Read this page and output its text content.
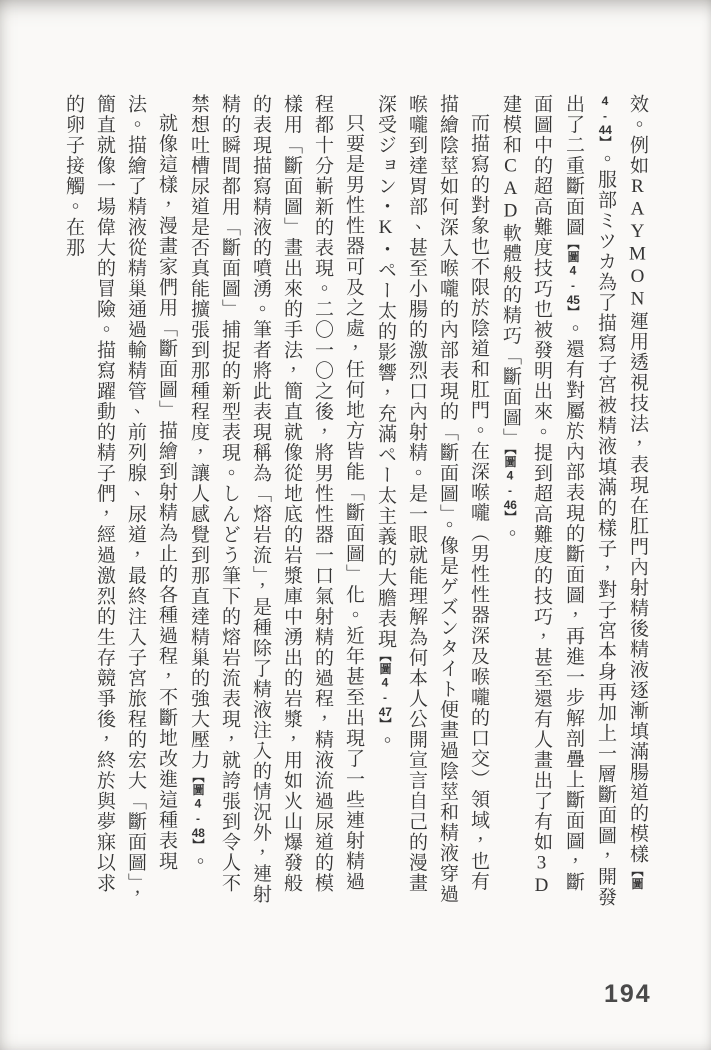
效。例如RAYMON運用透視技法，表現在肛門內射精後精液逐漸填滿腸道的模樣【圖4-44】。服部ミツカ為了描寫子宮被精液填滿的樣子，對子宮本身再加上一層斷面圖，開發出了二重斷面圖【圖4-45】。還有對屬於內部表現的斷面圖，再進一步解剖疊上斷面圖，斷面圖中的超高難度技巧也被發明出來。提到超高難度的技巧，甚至還有人畫出了有如3D建模和CAD軟體般的精巧「斷面圖」【圖4-46】。

而描寫的對象也不限於陰道和肛門。在深喉嚨（男性性器深及喉嚨的口交）領域，也有描繪陰莖如何深入喉嚨的內部表現的「斷面圖」。像是ゲズンタイト便畫過陰莖和精液穿過喉嚨到達胃部、甚至小腸的激烈口內射精。是一眼就能理解為何本人公開宣言自己的漫畫深受ジョン・K・ペー太的影響，充滿ペー太主義的大膽表現【圖4-47】。

只要是男性性器可及之處，任何地方皆能「斷面圖」化。近年甚至出現了一些連射精過程都十分嶄新的表現。二〇一〇之後，將男性性器一口氣射精的過程，精液流過尿道的模樣用「斷面圖」畫出來的手法，簡直就像從地底的岩漿庫中湧出的岩漿，用如火山爆發般的表現描寫精液的噴湧。筆者將此表現稱為「熔岩流」，是種除了精液注入的情況外，連射精的瞬間都用「斷面圖」捕捉的新型表現。しんどう筆下的熔岩流表現，就誇張到令人不禁想吐槽尿道是否真能擴張到那種程度，讓人感覺到那直達精巢的強大壓力【圖4-48】。

就像這樣，漫畫家們用「斷面圖」描繪到射精為止的各種過程，不斷地改進這種表現法。描繪了精液從精巢通過輸精管、前列腺、尿道，最終注入子宮旅程的宏大「斷面圖」，簡直就像一場偉大的冒險。描寫躍動的精子們，經過激烈的生存競爭後，終於與夢寐以求的卵子接觸。在那

194
